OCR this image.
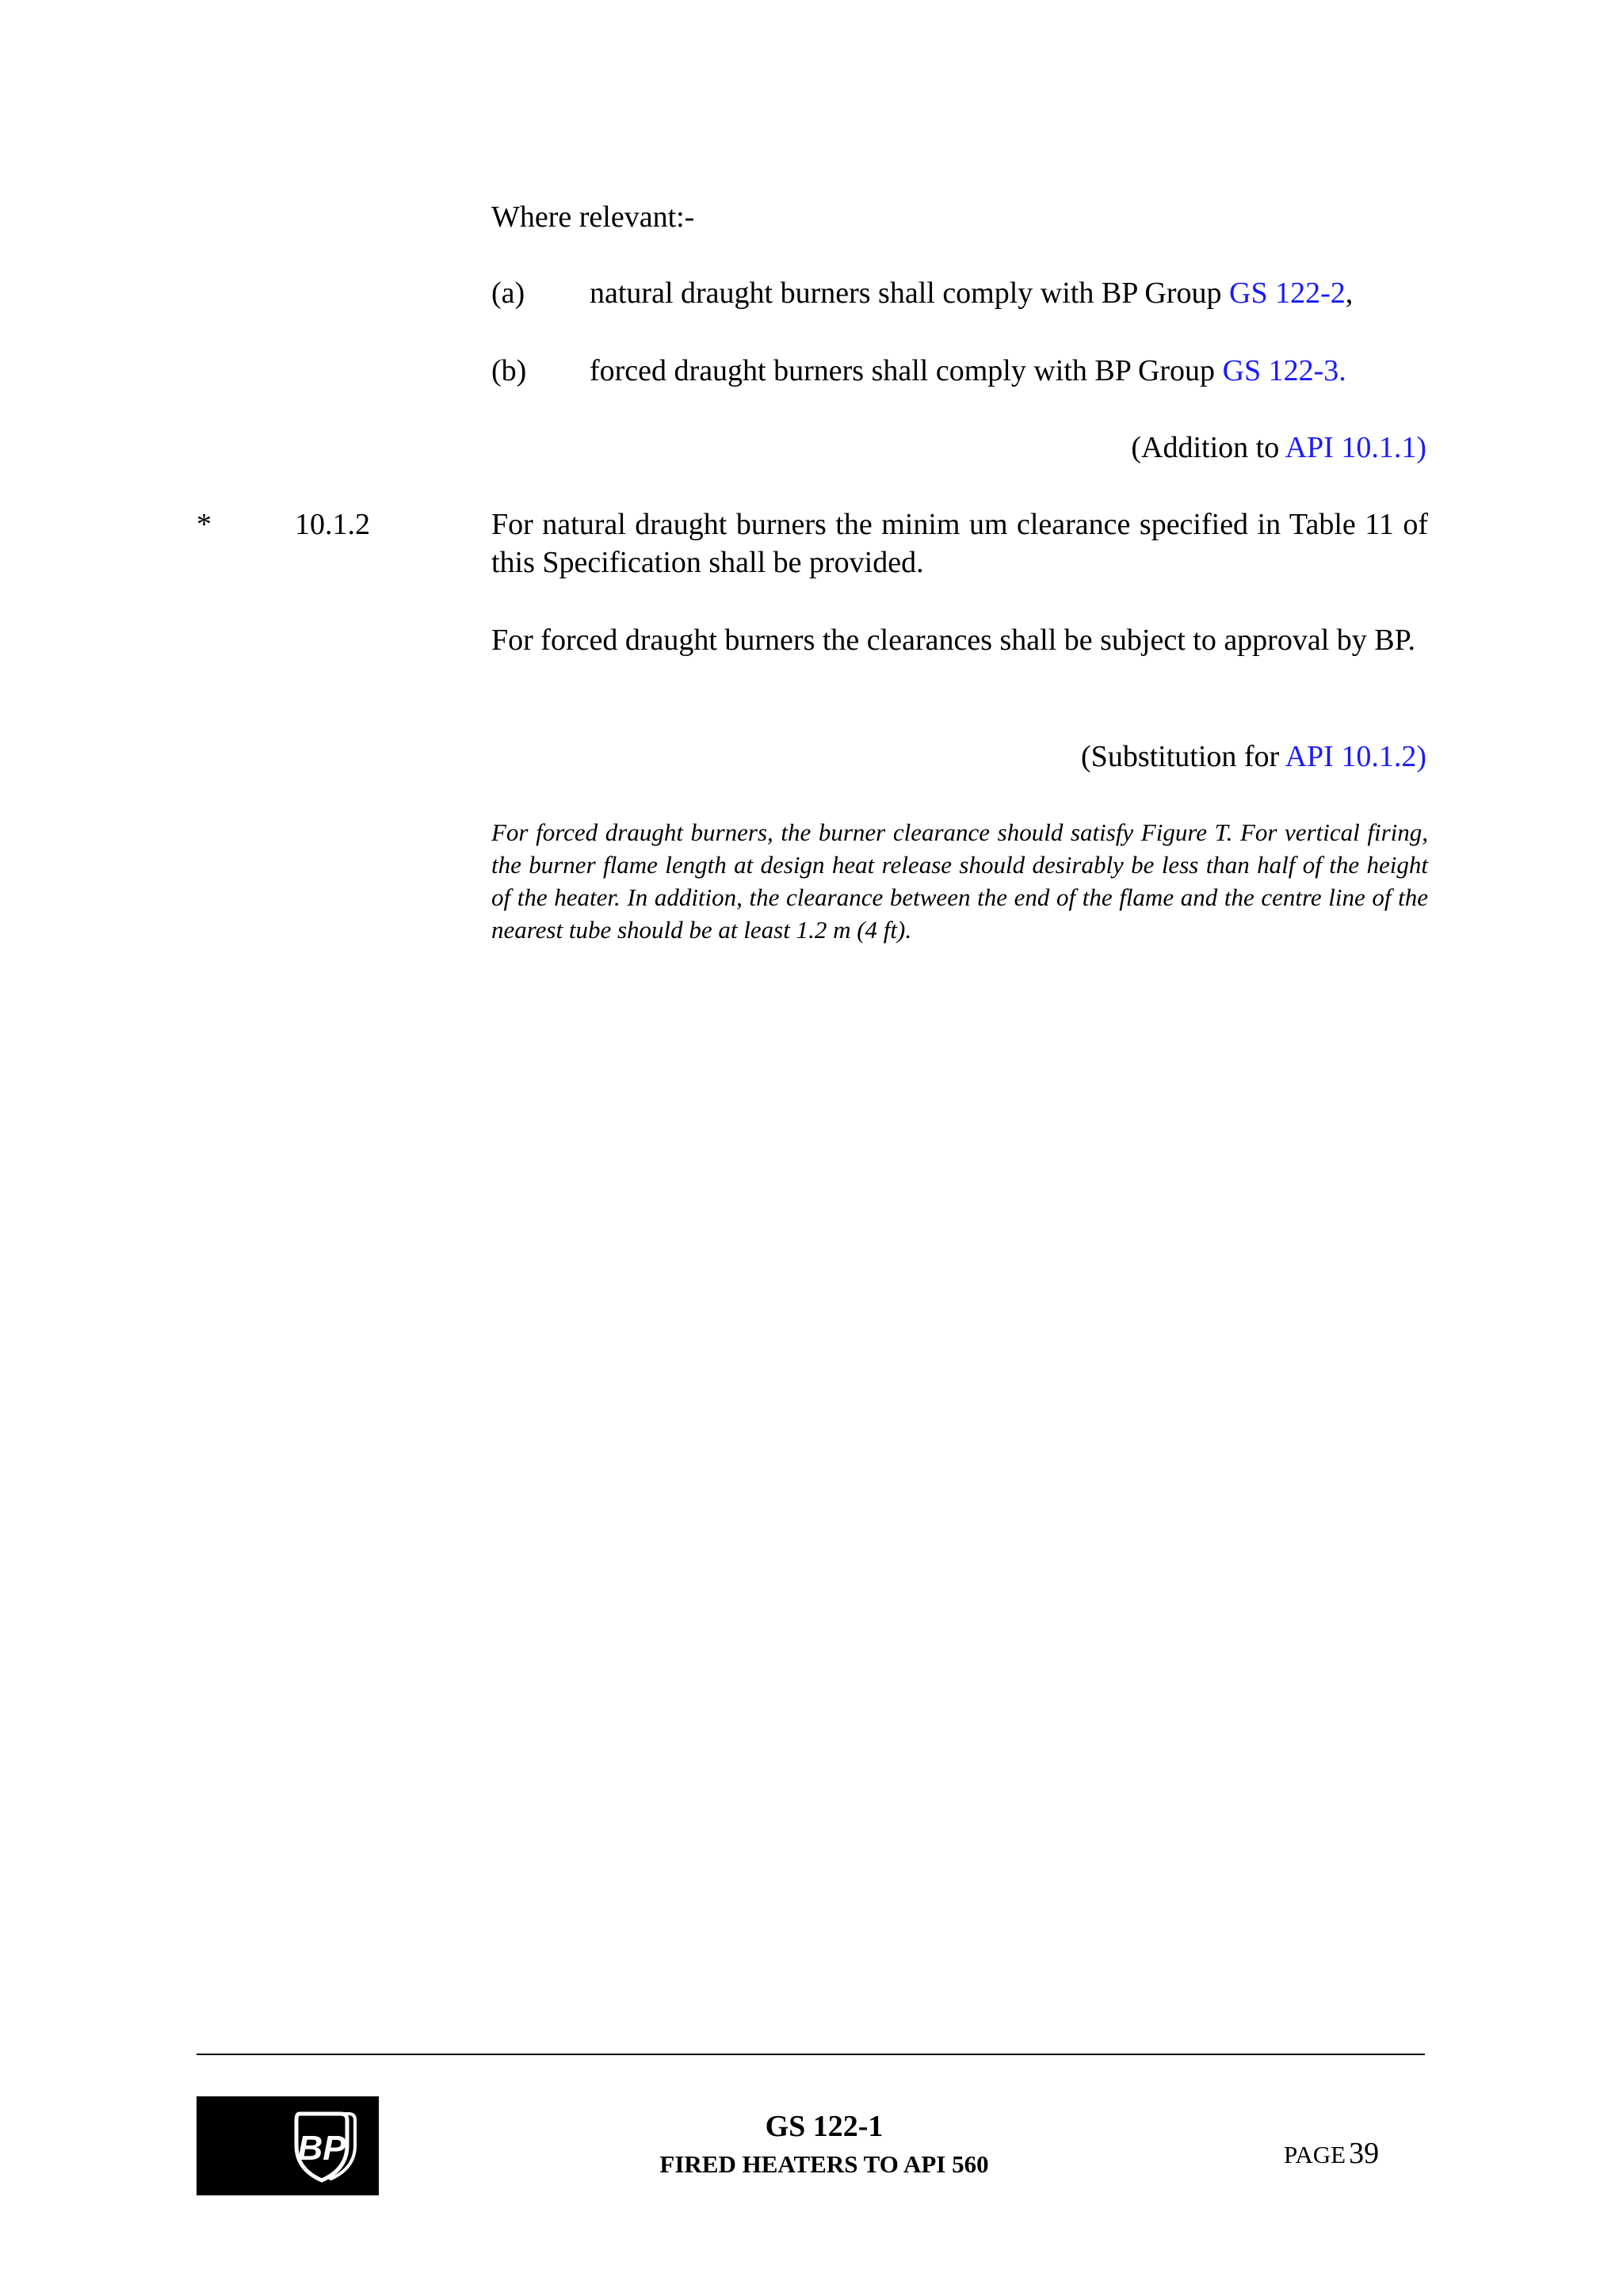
Where relevant:-
(a) natural draught burners shall comply with BP Group GS 122-2,
(b) forced draught burners shall comply with BP Group GS 122-3.
(Addition to API 10.1.1)
*	10.1.2	For natural draught burners the minim um clearance specified in Table 11 of this Specification shall be provided.
For forced draught burners the clearances shall be subject to approval by BP.
(Substitution for API 10.1.2)
For forced draught burners, the burner clearance should satisfy Figure T. For vertical firing, the burner flame length at design heat release should desirably be less than half of the height of the heater. In addition, the clearance between the end of the flame and the centre line of the nearest tube should be at least 1.2 m (4 ft).
BP
GS 122-1
FIRED HEATERS TO API 560	PAGE 39
